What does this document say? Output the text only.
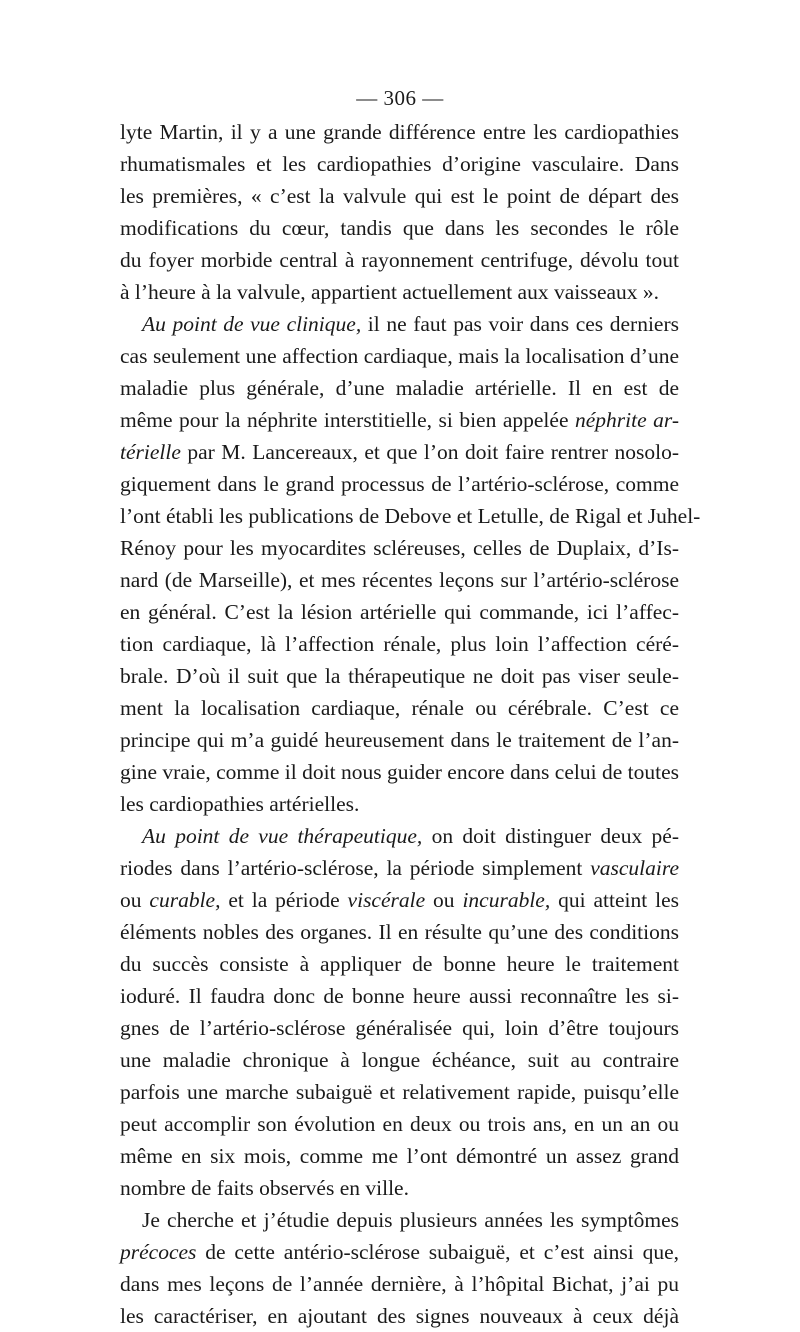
— 306 —
lyte Martin, il y a une grande différence entre les cardiopathies
rhumatismales et les cardiopathies d’origine vasculaire. Dans
les premières, « c’est la valvule qui est le point de départ des
modifications du cœur, tandis que dans les secondes le rôle
du foyer morbide central à rayonnement centrifuge, dévolu tout
à l’heure à la valvule, appartient actuellement aux vaisseaux ».
Au point de vue clinique, il ne faut pas voir dans ces derniers
cas seulement une affection cardiaque, mais la localisation d’une
maladie plus générale, d’une maladie artérielle. Il en est de
même pour la néphrite interstitielle, si bien appelée néphrite ar-
térielle par M. Lancereaux, et que l’on doit faire rentrer nosolo-
giquement dans le grand processus de l’artério-sclérose, comme
l’ont établi les publications de Debove et Letulle, de Rigal et Juhel-
Rénoy pour les myocardites scléreuses, celles de Duplaix, d’Is-
nard (de Marseille), et mes récentes leçons sur l’artério-sclérose
en général. C’est la lésion artérielle qui commande, ici l’affec-
tion cardiaque, là l’affection rénale, plus loin l’affection céré-
brale. D’où il suit que la thérapeutique ne doit pas viser seule-
ment la localisation cardiaque, rénale ou cérébrale. C’est ce
principe qui m’a guidé heureusement dans le traitement de l’an-
gine vraie, comme il doit nous guider encore dans celui de toutes
les cardiopathies artérielles.
Au point de vue thérapeutique, on doit distinguer deux pé-
riodes dans l’artério-sclérose, la période simplement vasculaire
ou curable, et la période viscérale ou incurable, qui atteint les
éléments nobles des organes. Il en résulte qu’une des conditions
du succès consiste à appliquer de bonne heure le traitement
ioduré. Il faudra donc de bonne heure aussi reconnaître les si-
gnes de l’artério-sclérose généralisée qui, loin d’être toujours
une maladie chronique à longue échéance, suit au contraire
parfois une marche subaiguë et relativement rapide, puisqu’elle
peut accomplir son évolution en deux ou trois ans, en un an ou
même en six mois, comme me l’ont démontré un assez grand
nombre de faits observés en ville.
Je cherche et j’étudie depuis plusieurs années les symptômes
précoces de cette antério-sclérose subaiguë, et c’est ainsi que,
dans mes leçons de l’année dernière, à l’hôpital Bichat, j’ai pu
les caractériser, en ajoutant des signes nouveaux à ceux déjà
